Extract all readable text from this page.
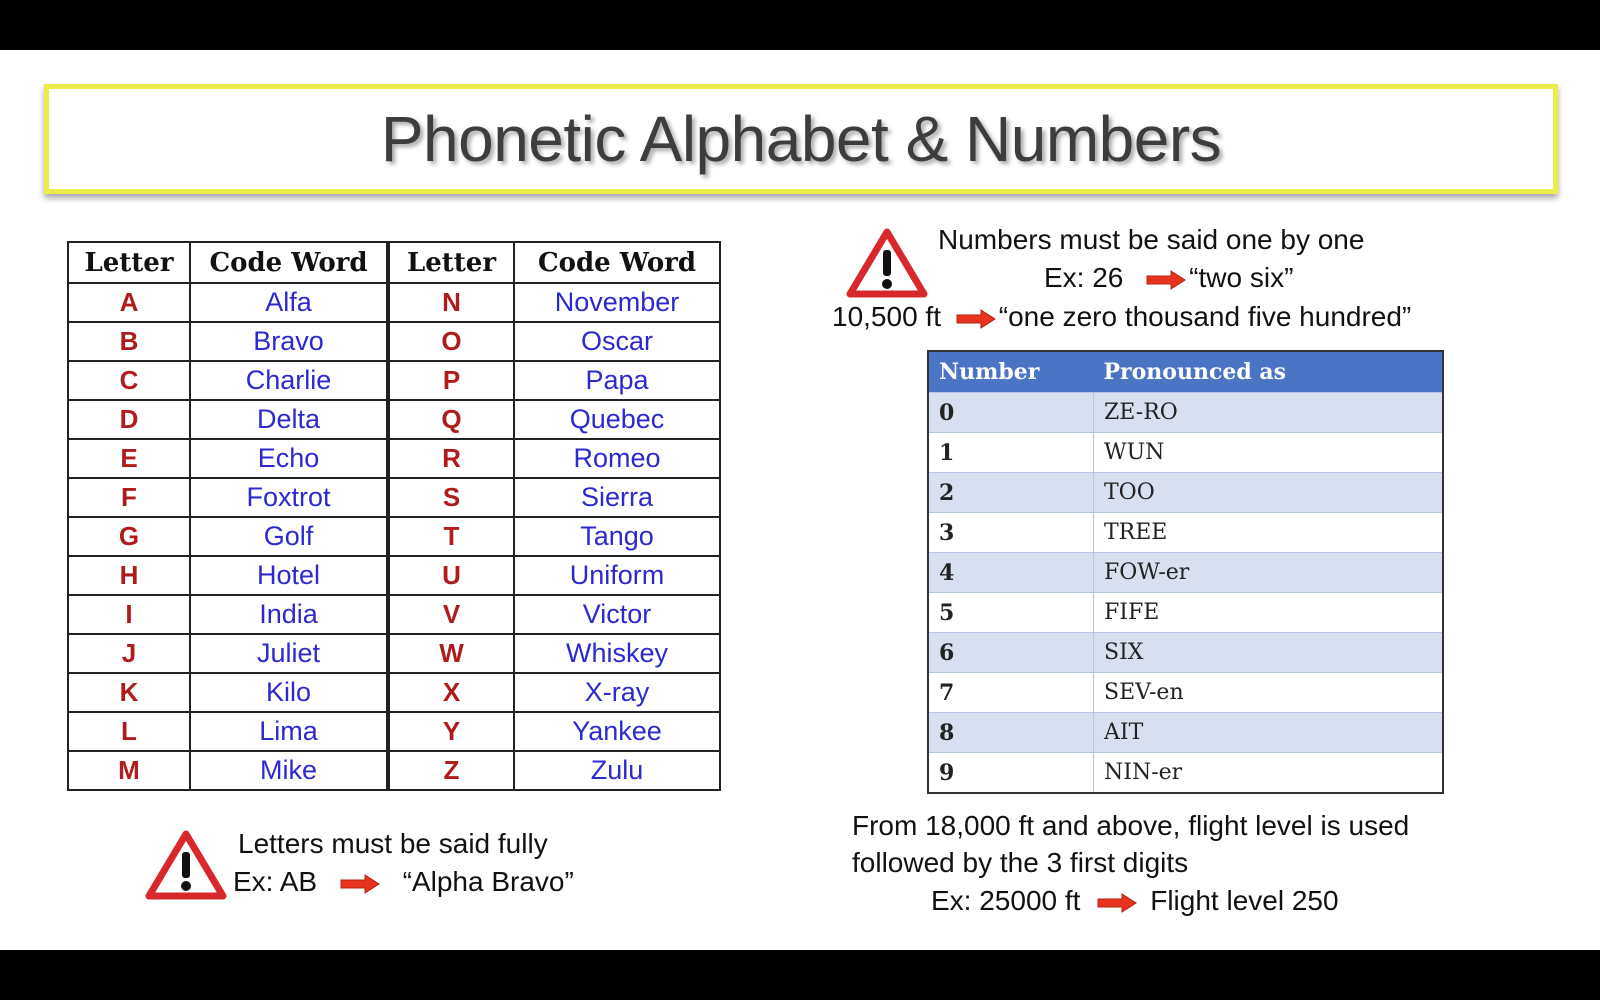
Phonetic Alphabet & Numbers
Letter	Code Word	Letter	Code Word
A	Alfa	N	November
B	Bravo	O	Oscar
C	Charlie	P	Papa
D	Delta	Q	Quebec
E	Echo	R	Romeo
F	Foxtrot	S	Sierra
G	Golf	T	Tango
H	Hotel	U	Uniform
I	India	V	Victor
J	Juliet	W	Whiskey
K	Kilo	X	X-ray
L	Lima	Y	Yankee
M	Mike	Z	Zulu
Letters must be said fully
Ex: AB	“Alpha Bravo”
Numbers must be said one by one
Ex: 26 “two six”
10,500 ft “one zero thousand five hundred”
Number	Pronounced as
0	ZE-RO
1	WUN
2	TOO
3	TREE
4	FOW-er
5	FIFE
6	SIX
7	SEV-en
8	AIT
9	NIN-er
From 18,000 ft and above, flight level is used
followed by the 3 first digits
Ex: 25000 ft Flight level 250
